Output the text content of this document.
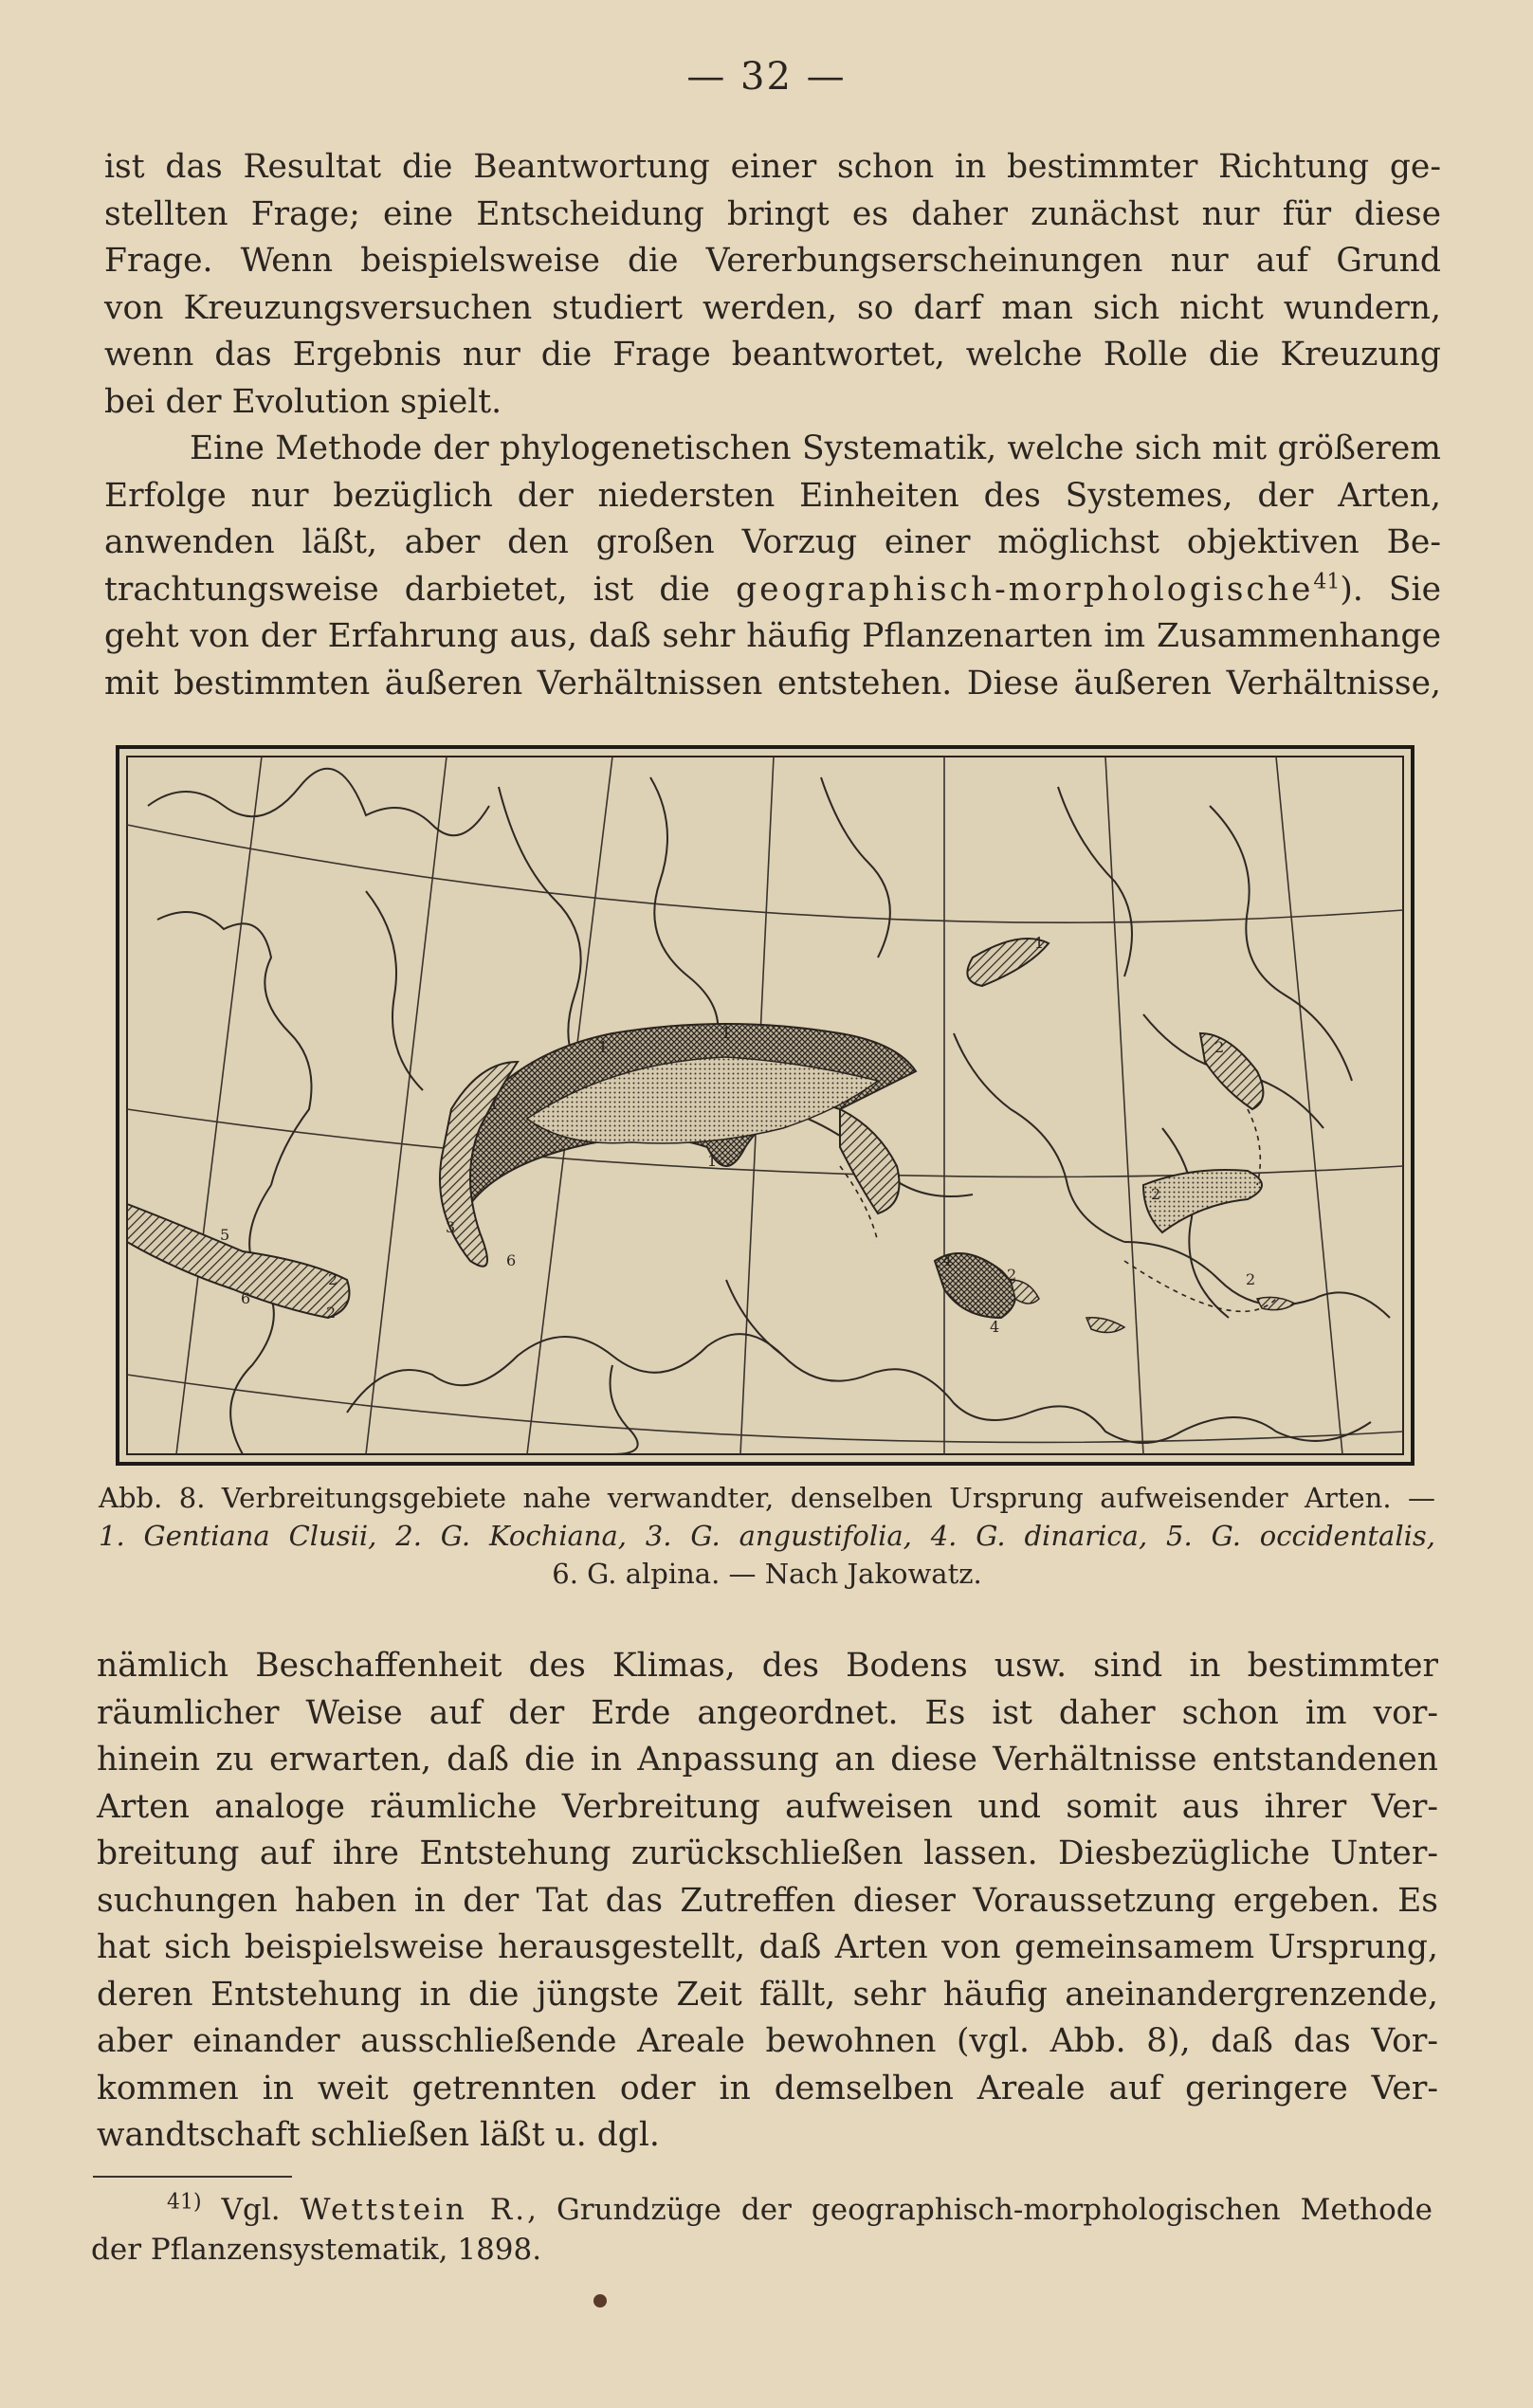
— 32 —
ist das Resultat die Beantwortung einer schon in bestimmter Richtung ge-
stellten Frage; eine Entscheidung bringt es daher zunächst nur für diese
Frage. Wenn beispielsweise die Vererbungserscheinungen nur auf Grund
von Kreuzungsversuchen studiert werden, so darf man sich nicht wundern,
wenn das Ergebnis nur die Frage beantwortet, welche Rolle die Kreuzung
bei der Evolution spielt.
Eine Methode der phylogenetischen Systematik, welche sich mit größerem
Erfolge nur bezüglich der niedersten Einheiten des Systemes, der Arten,
anwenden läßt, aber den großen Vorzug einer möglichst objektiven Be-
trachtungsweise darbietet, ist die geographisch-morphologische$^{41}$). Sie
geht von der Erfahrung aus, daß sehr häufig Pflanzenarten im Zusammenhange
mit bestimmten äußeren Verhältnissen entstehen. Diese äußeren Verhältnisse,
1
1
1
1
1
2
2
2
2
2
2
3
4
4
5
6
6
Abb. 8. Verbreitungsgebiete nahe verwandter, denselben Ursprung aufweisender Arten. —
1. Gentiana Clusii, 2. G. Kochiana, 3. G. angustifolia, 4. G. dinarica, 5. G. occidentalis,
6. G. alpina. — Nach Jakowatz.
nämlich Beschaffenheit des Klimas, des Bodens usw. sind in bestimmter
räumlicher Weise auf der Erde angeordnet. Es ist daher schon im vor-
hinein zu erwarten, daß die in Anpassung an diese Verhältnisse entstandenen
Arten analoge räumliche Verbreitung aufweisen und somit aus ihrer Ver-
breitung auf ihre Entstehung zurückschließen lassen. Diesbezügliche Unter-
suchungen haben in der Tat das Zutreffen dieser Voraussetzung ergeben. Es
hat sich beispielsweise herausgestellt, daß Arten von gemeinsamem Ursprung,
deren Entstehung in die jüngste Zeit fällt, sehr häufig aneinandergrenzende,
aber einander ausschließende Areale bewohnen (vgl. Abb. 8), daß das Vor-
kommen in weit getrennten oder in demselben Areale auf geringere Ver-
wandtschaft schließen läßt u. dgl.
$^{41)}$ Vgl. Wettstein R., Grundzüge der geographisch-morphologischen Methode
der Pflanzensystematik, 1898.
